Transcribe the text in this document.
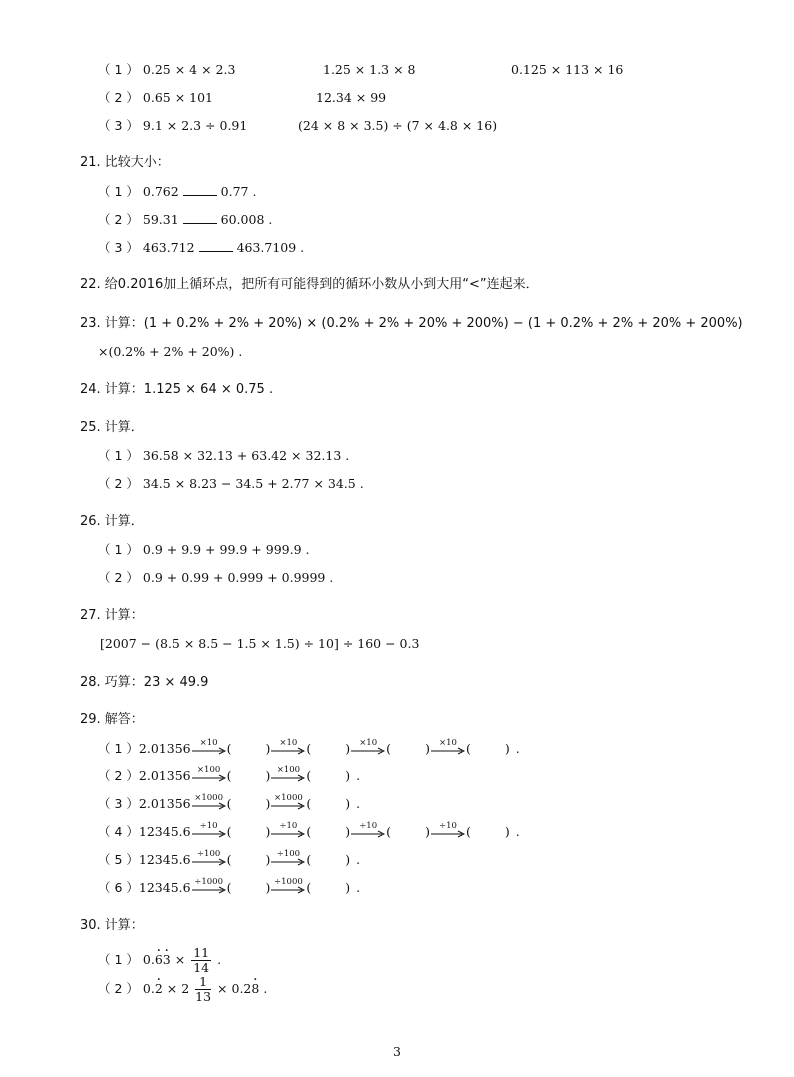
（ 1 ） 0.25 × 4 × 2.3	1.25 × 1.3 × 8	0.125 × 113 × 16
（ 2 ） 0.65 × 101	12.34 × 99
（ 3 ） 9.1 × 2.3 ÷ 0.91	(24 × 8 × 3.5) ÷ (7 × 4.8 × 16)
21. 比较大小：
（ 1 ） 0.762	0.77 .
（ 2 ） 59.31	60.008 .
（ 3 ） 463.712	463.7109 .
22. 给0.2016加上循环点，把所有可能得到的循环小数从小到大用“<”连起来．
23. 计算：(1 + 0.2% + 2% + 20%) × (0.2% + 2% + 20% + 200%) − (1 + 0.2% + 2% + 20% + 200%)
×(0.2% + 2% + 20%) .
24. 计算：1.125 × 64 × 0.75 .
25. 计算．
（ 1 ） 36.58 × 32.13 + 63.42 × 32.13 .
（ 2 ） 34.5 × 8.23 − 34.5 + 2.77 × 34.5 .
26. 计算．
（ 1 ） 0.9 + 9.9 + 99.9 + 999.9 .
（ 2 ） 0.9 + 0.99 + 0.999 + 0.9999 .
27. 计算：
[2007 − (8.5 × 8.5 − 1.5 × 1.5) ÷ 10] ÷ 160 − 0.3
28. 巧算：23 × 49.9
29. 解答：
（ 1 ）2.01356	×10 (	)	×10 (	)	×10 (	)	×10 (	) .
（ 2 ）2.01356 ×100 (	) ×100 (	) .
（ 3 ）2.01356 ×1000 (	) ×1000 (	) .
（ 4 ）12345.6	÷10 (	)	÷10 (	)	÷10 (	)	÷10 (	) .
（ 5 ）12345.6 ÷100 (	) ÷100 (	) .
（ 6 ）12345.6 ÷1000 (	) ÷1000 (	) .
30. 计算：
（ 1 ） $0.\cdot 6\cdot 3 \times \frac{11}{14}$ .
（ 2 ） $0.\cdot 2 \times 2 \frac{1}{13} \times 0.2\cdot 8$ .
3
